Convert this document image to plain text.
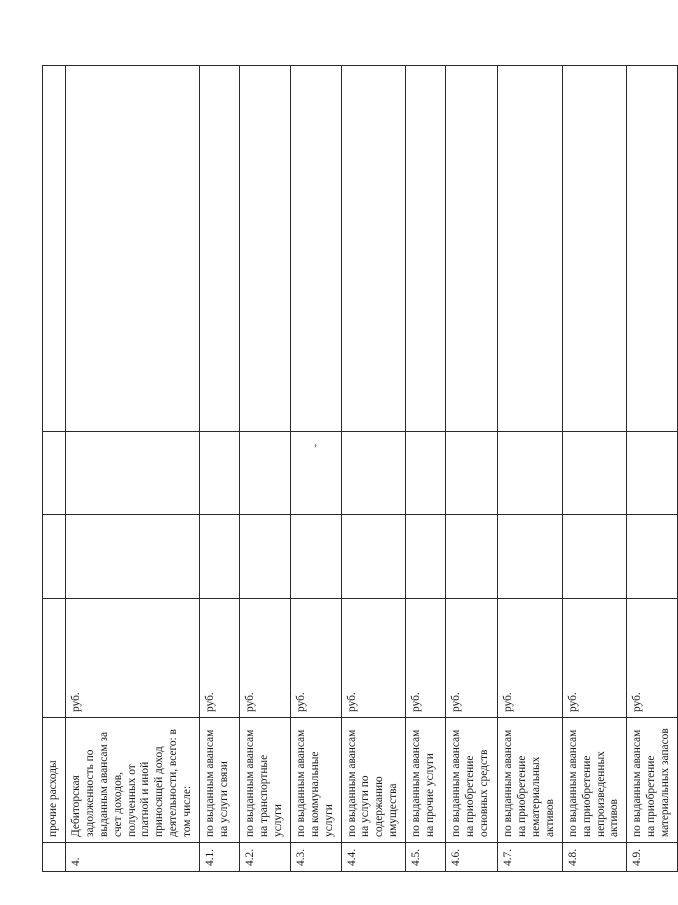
›
	прочие расходы				
4.	Дебиторская задолженность по выданным авансам за счет доходов, полученных от платной и иной приносящей доход деятельности, всего: в том числе:	руб.			
4.1.	по выданным авансам на услуги связи	руб.			
4.2.	по выданным авансам на транспортные услуги	руб.			
4.3.	по выданным авансам на коммунальные услуги	руб.			
4.4.	по выданным авансам на услуги по содержанию имущества	руб.			
4.5.	по выданным авансам на прочие услуги	руб.			
4.6.	по выданным авансам на приобретение основных средств	руб.			
4.7.	по выданным авансам на приобретение нематериальных активов	руб.			
4.8.	по выданным авансам на приобретение непроизведенных активов	руб.			
4.9.	по выданным авансам на приобретение материальных запасов	руб.			
